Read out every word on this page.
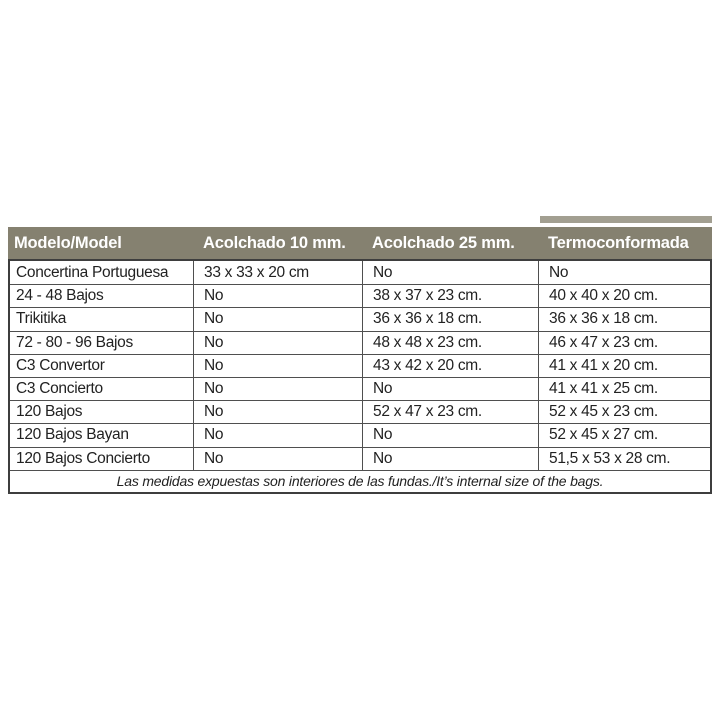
Modelo/Model	Acolchado 10 mm.	Acolchado 25 mm.	Termoconformada
Concertina Portuguesa	33 x 33 x 20 cm	No	No
24 - 48 Bajos	No	38 x 37 x 23 cm.	40 x 40 x 20 cm.
Trikitika	No	36 x 36 x 18 cm.	36 x 36 x 18 cm.
72 - 80 - 96 Bajos	No	48 x 48 x 23 cm.	46 x 47 x 23 cm.
C3 Convertor	No	43 x 42 x 20 cm.	41 x 41 x 20 cm.
C3 Concierto	No	No	41 x 41 x 25 cm.
120 Bajos	No	52 x 47 x 23 cm.	52 x 45 x 23 cm.
120 Bajos Bayan	No	No	52 x 45 x 27 cm.
120 Bajos Concierto	No	No	51,5 x 53 x 28 cm.
Las medidas expuestas son interiores de las fundas./It’s internal size of the bags.
